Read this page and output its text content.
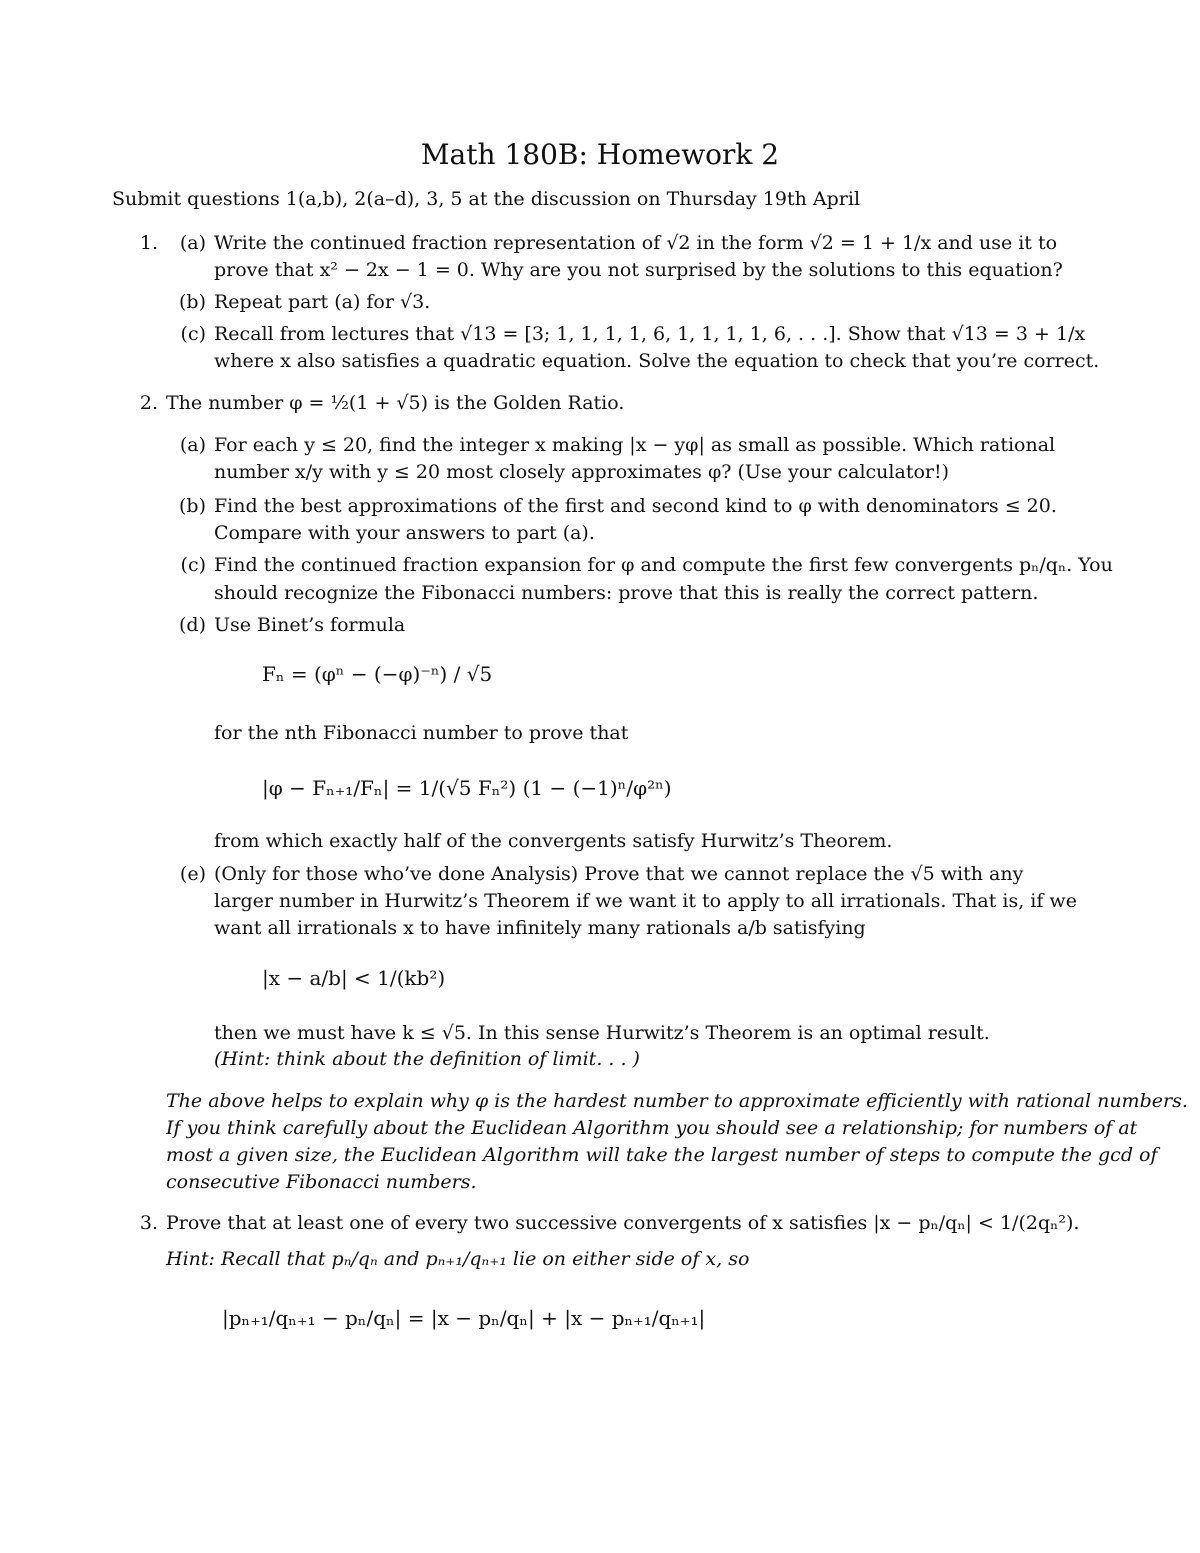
Math 180B: Homework 2
Submit questions 1(a,b), 2(a–d), 3, 5 at the discussion on Thursday 19th April
1.	(a) Write the continued fraction representation of √2 in the form √2 = 1 + 1/x and use it to
prove that x² − 2x − 1 = 0. Why are you not surprised by the solutions to this equation?
(b) Repeat part (a) for √3.
(c) Recall from lectures that √13 = [3; 1, 1, 1, 1, 6, 1, 1, 1, 1, 6, . . .]. Show that √13 = 3 + 1/x
where x also satisfies a quadratic equation. Solve the equation to check that you’re correct.
2. The number φ = ½(1 + √5) is the Golden Ratio.
(a) For each y ≤ 20, find the integer x making |x − yφ| as small as possible. Which rational
number x/y with y ≤ 20 most closely approximates φ? (Use your calculator!)
(b) Find the best approximations of the first and second kind to φ with denominators ≤ 20.
Compare with your answers to part (a).
(c) Find the continued fraction expansion for φ and compute the first few convergents pₙ/qₙ. You
should recognize the Fibonacci numbers: prove that this is really the correct pattern.
(d) Use Binet’s formula
Fₙ = (φⁿ − (−φ)⁻ⁿ) / √5
for the nth Fibonacci number to prove that
|φ − Fₙ₊₁/Fₙ| = 1/(√5 Fₙ²) (1 − (−1)ⁿ/φ²ⁿ)
from which exactly half of the convergents satisfy Hurwitz’s Theorem.
(e) (Only for those who’ve done Analysis) Prove that we cannot replace the √5 with any
larger number in Hurwitz’s Theorem if we want it to apply to all irrationals. That is, if we
want all irrationals x to have infinitely many rationals a/b satisfying
|x − a/b| < 1/(kb²)
then we must have k ≤ √5. In this sense Hurwitz’s Theorem is an optimal result.
(Hint: think about the definition of limit. . . )
The above helps to explain why φ is the hardest number to approximate efficiently with rational numbers.
If you think carefully about the Euclidean Algorithm you should see a relationship; for numbers of at
most a given size, the Euclidean Algorithm will take the largest number of steps to compute the gcd of
consecutive Fibonacci numbers.
3. Prove that at least one of every two successive convergents of x satisfies |x − pₙ/qₙ| < 1/(2qₙ²).
Hint: Recall that pₙ/qₙ and pₙ₊₁/qₙ₊₁ lie on either side of x, so
|pₙ₊₁/qₙ₊₁ − pₙ/qₙ| = |x − pₙ/qₙ| + |x − pₙ₊₁/qₙ₊₁|
